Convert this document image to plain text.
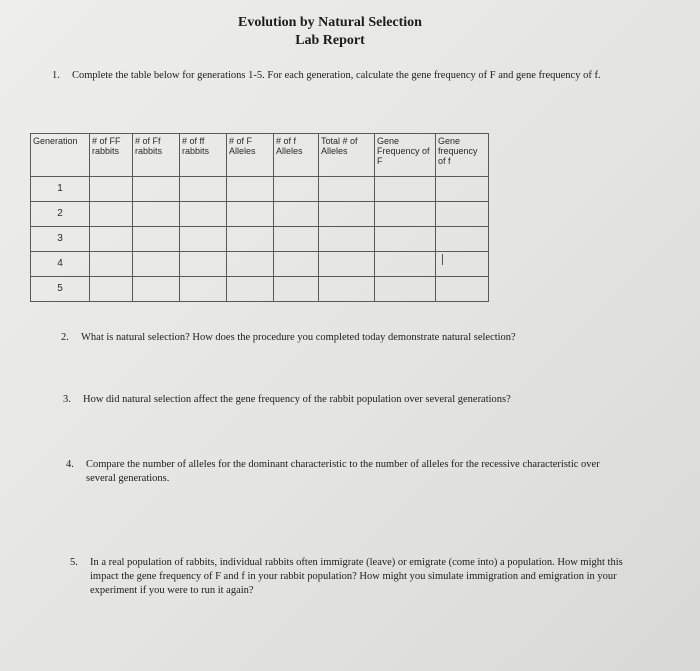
Evolution by Natural Selection
Lab Report
1.	Complete the table below for generations 1-5. For each generation, calculate the gene frequency of F and gene frequency of f.
Generation	# of FF rabbits	# of Ff rabbits	# of ff rabbits	# of F Alleles	# of f Alleles	Total # of Alleles	Gene Frequency of F	Gene frequency of f
1								
2								
3								
4								
5								
2.	What is natural selection? How does the procedure you completed today demonstrate natural selection?
3.	How did natural selection affect the gene frequency of the rabbit population over several generations?
4.	Compare the number of alleles for the dominant characteristic to the number of alleles for the recessive characteristic over several generations.
5.	In a real population of rabbits, individual rabbits often immigrate (leave) or emigrate (come into) a population. How might this impact the gene frequency of F and f in your rabbit population? How might you simulate immigration and emigration in your experiment if you were to run it again?
